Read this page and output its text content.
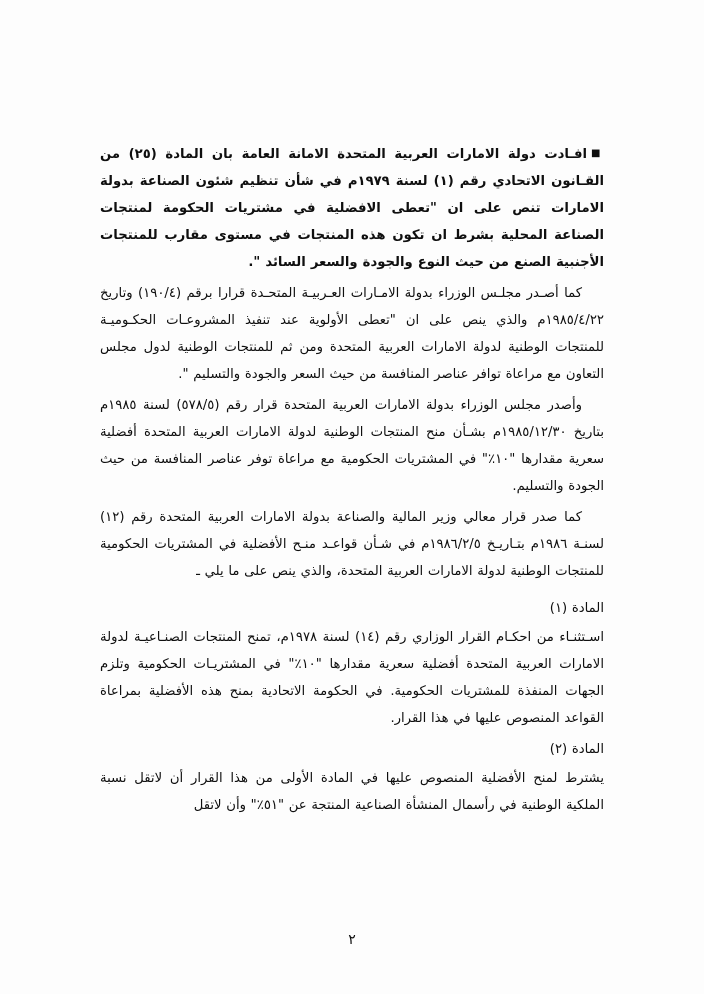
■افـادت دولة الامارات العربية المتحدة الامانة العامة بان المادة (٢٥) من القـانون الاتحادي رقم (١) لسنة ١٩٧٩م في شأن تنظيم شئون الصناعة بدولة الامارات تنص على ان "تعطى الافضلية في مشتريات الحكومة لمنتجات الصناعة المحلية بشرط ان تكون هذه المنتجات في مستوى مقارب للمنتجات الأجنبية الصنع من حيث النوع والجودة والسعر السائد ".

كما أصـدر مجلـس الوزراء بدولة الامـارات العـربيـة المتحـدة قرارا برقم (١٩٠/٤) وتاريخ ١٩٨٥/٤/٢٢م والذي ينص على ان "تعطى الأولوية عند تنفيذ المشروعـات الحكـوميـة للمنتجات الوطنية لدولة الامارات العربية المتحدة ومن ثم للمنتجات الوطنية لدول مجلس التعاون مع مراعاة توافر عناصر المنافسة من حيث السعر والجودة والتسليم ".

وأصدر مجلس الوزراء بدولة الامارات العربية المتحدة قرار رقم (٥٧٨/٥) لسنة ١٩٨٥م بتاريخ ١٩٨٥/١٢/٣٠م بشـأن منح المنتجات الوطنية لدولة الامارات العربية المتحدة أفضلية سعرية مقدارها "١٠٪" في المشتريات الحكومية مع مراعاة توفر عناصر المنافسة من حيث الجودة والتسليم.

كما صدر قرار معالي وزير المالية والصناعة بدولة الامارات العربية المتحدة رقم (١٢) لسنـة ١٩٨٦م بتـاريـخ ١٩٨٦/٢/٥م في شـأن قواعـد منـح الأفضلية في المشتريات الحكومية للمنتجات الوطنية لدولة الامارات العربية المتحدة، والذي ينص على ما يلي ـ

المادة (١)

اسـتثنـاء من احكـام القرار الوزاري رقم (١٤) لسنة ١٩٧٨م، تمنح المنتجات الصنـاعيـة لدولة الامارات العربية المتحدة أفضلية سعرية مقدارها "١٠٪" في المشتريـات الحكومية وتلزم الجهات المنفذة للمشتريات الحكومية. في الحكومة الاتحادية بمنح هذه الأفضلية بمراعاة القواعد المنصوص عليها في هذا القرار.

المادة (٢)

يشترط لمنح الأفضلية المنصوص عليها في المادة الأولى من هذا القرار أن لاتقل نسبة الملكية الوطنية في رأسمال المنشأة الصناعية المنتجة عن "٥١٪" وأن لاتقل

٢
